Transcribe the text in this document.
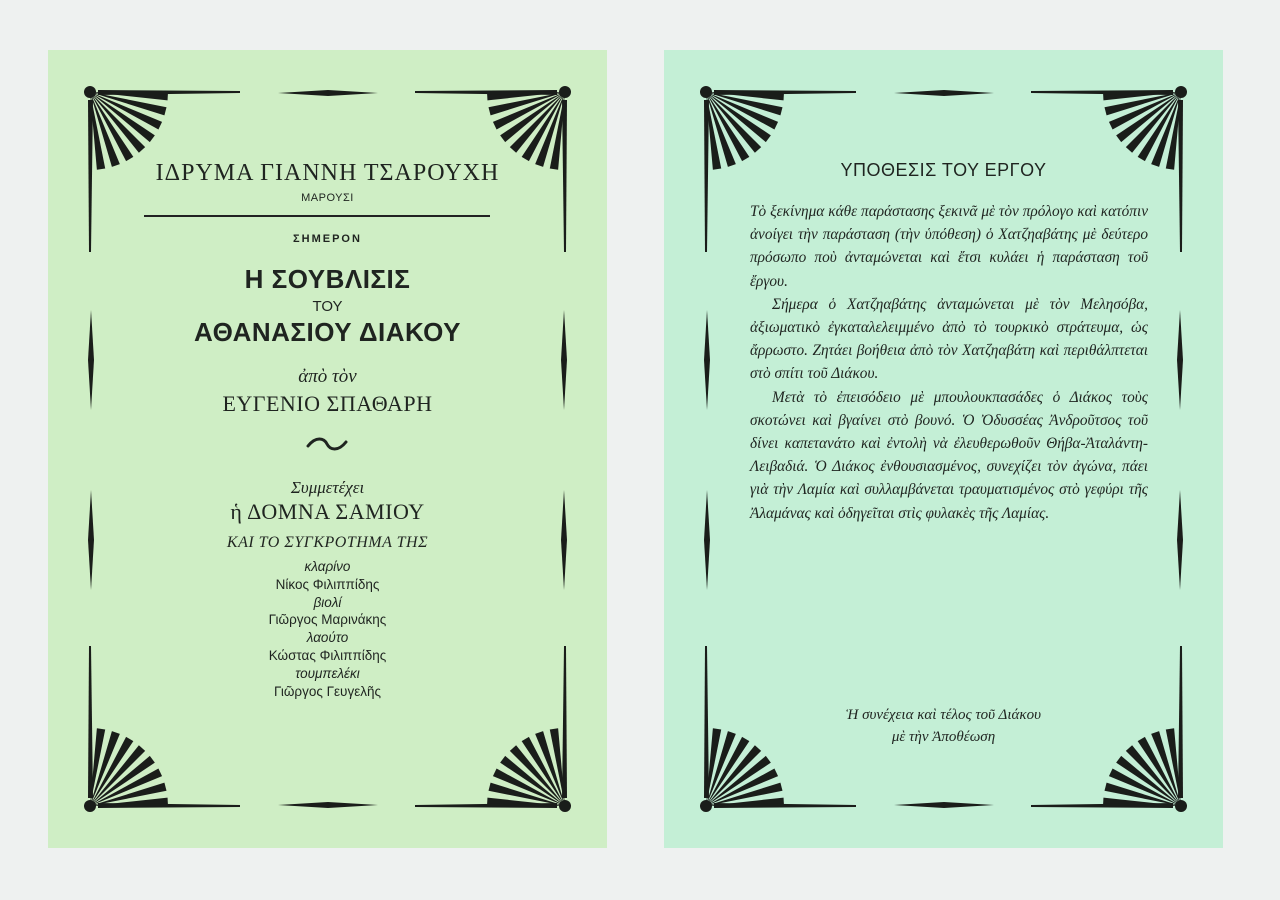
ΙΔΡΥΜΑ ΓΙΑΝΝΗ ΤΣΑΡΟΥΧΗ
ΜΑΡΟΥΣΙ
ΣΗΜΕΡΟΝ
Η ΣΟΥΒΛΙΣΙΣ
ΤΟΥ
ΑΘΑΝΑΣΙΟΥ ΔΙΑΚΟΥ
ἀπὸ τὸν
ΕΥΓΕΝΙΟ ΣΠΑΘΑΡΗ
Συμμετέχει
ἡ ΔΟΜΝΑ ΣΑΜΙΟΥ
ΚΑΙ ΤΟ ΣΥΓΚΡΟΤΗΜΑ ΤΗΣ
κλαρίνο
Νίκος Φιλιππίδης
βιολί
Γιῶργος Μαρινάκης
λαούτο
Κώστας Φιλιππίδης
τουμπελέκι
Γιῶργος Γευγελῆς
ΥΠΟΘΕΣΙΣ ΤΟΥ ΕΡΓΟΥ

Τὸ ξεκίνημα κάθε παράστασης ξεκινᾶ μὲ τὸν πρόλογο καὶ κατόπιν ἀνοίγει τὴν παράσταση (τὴν ὑπόθεση) ὁ Χατζηαβάτης μὲ δεύτερο πρόσωπο ποὺ ἀνταμώνεται καὶ ἔτσι κυλάει ἡ παράσταση τοῦ ἔργου.

Σήμερα ὁ Χατζηαβάτης ἀνταμώνεται μὲ τὸν Μελησόβα, ἀξιωματικὸ ἐγκαταλελειμμένο ἀπὸ τὸ τουρκικὸ στράτευμα, ὡς ἄρρωστο. Ζητάει βοήθεια ἀπὸ τὸν Χατζηαβάτη καὶ περιθάλπτεται στὸ σπίτι τοῦ Διάκου.

Μετὰ τὸ ἐπεισόδειο μὲ μπουλουκπασάδες ὁ Διάκος τοὺς σκοτώνει καὶ βγαίνει στὸ βουνό. Ὁ Ὀδυσσέας Ἀνδροῦτσος τοῦ δίνει καπετανάτο καὶ ἐντολὴ νὰ ἐλευθερωθοῦν Θήβα-Ἀταλάντη-Λειβαδιά. Ὁ Διάκος ἐνθουσιασμένος, συνεχίζει τὸν ἀγώνα, πάει γιὰ τὴν Λαμία καὶ συλλαμβάνεται τραυματισμένος στὸ γεφύρι τῆς Ἀλαμάνας καὶ ὁδηγεῖται στὶς φυλακὲς τῆς Λαμίας.

Ἡ συνέχεια καὶ τέλος τοῦ Διάκου
μὲ τὴν Ἀποθέωση
